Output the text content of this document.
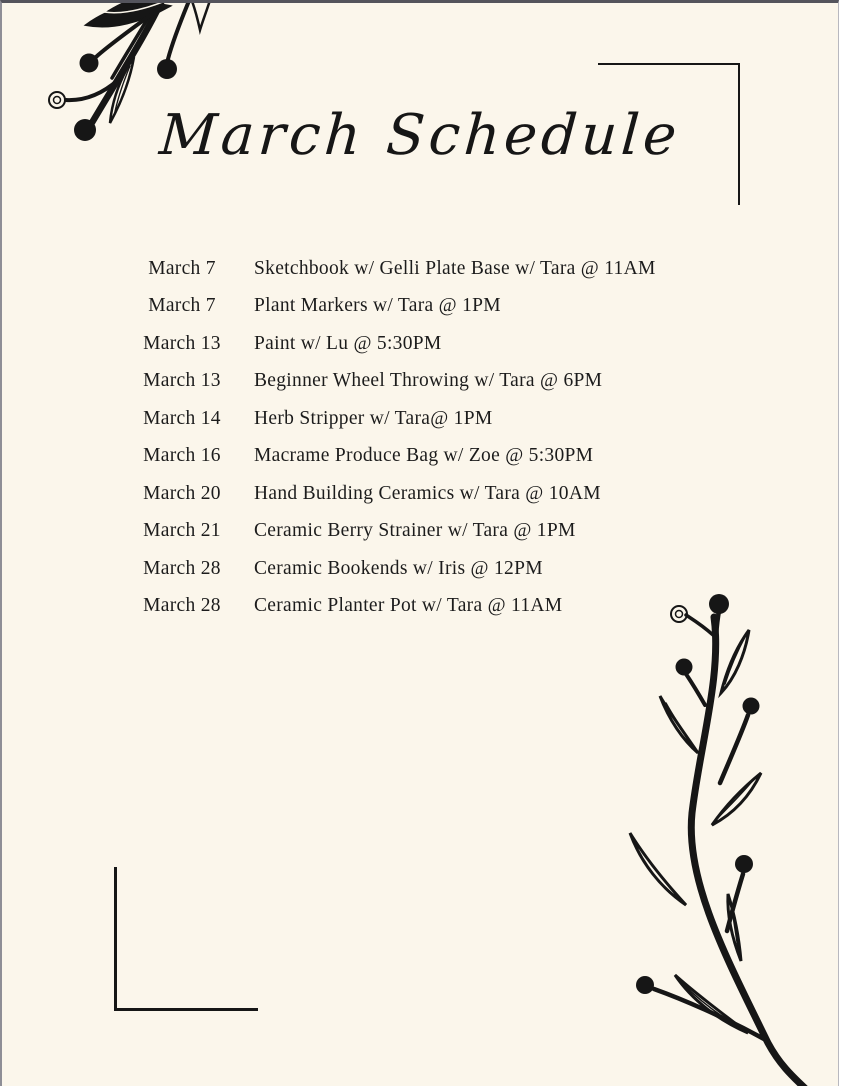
March Schedule
March 7	Sketchbook w/ Gelli Plate Base w/ Tara @ 11AM
March 7	Plant Markers w/ Tara @ 1PM
March 13	Paint w/ Lu @ 5:30PM
March 13	Beginner Wheel Throwing w/ Tara @ 6PM
March 14	Herb Stripper w/ Tara@ 1PM
March 16	Macrame Produce Bag w/ Zoe @ 5:30PM
March 20	Hand Building Ceramics w/ Tara @ 10AM
March 21	Ceramic Berry Strainer w/ Tara @ 1PM
March 28	Ceramic Bookends w/ Iris @ 12PM
March 28	Ceramic Planter Pot w/ Tara @ 11AM
